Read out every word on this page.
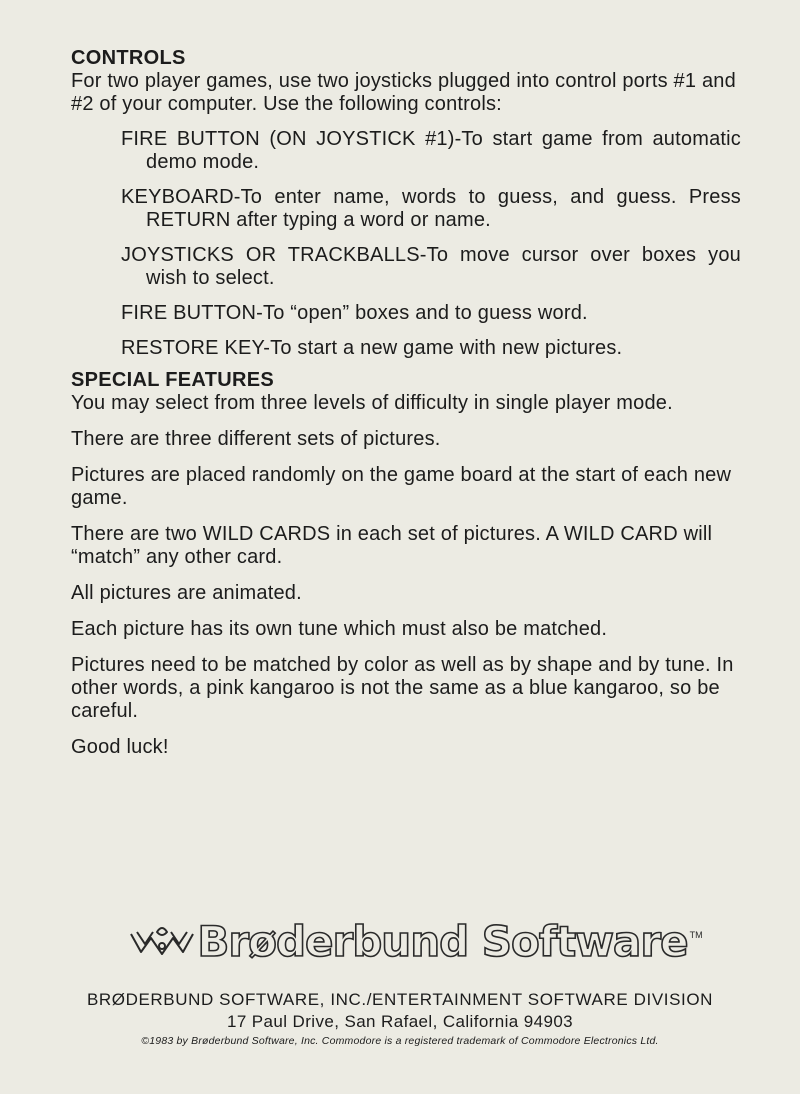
CONTROLS

For two player games, use two joysticks plugged into control ports #1 and #2 of your computer. Use the following controls:

FIRE BUTTON (ON JOYSTICK #1)-To start game from automatic demo mode.

KEYBOARD-To enter name, words to guess, and guess. Press RETURN after typing a word or name.

JOYSTICKS OR TRACKBALLS-To move cursor over boxes you wish to select.

FIRE BUTTON-To “open” boxes and to guess word.

RESTORE KEY-To start a new game with new pictures.

SPECIAL FEATURES

You may select from three levels of difficulty in single player mode.

There are three different sets of pictures.

Pictures are placed randomly on the game board at the start of each new game.

There are two WILD CARDS in each set of pictures. A WILD CARD will “match” any other card.

All pictures are animated.

Each picture has its own tune which must also be matched.

Pictures need to be matched by color as well as by shape and by tune. In other words, a pink kangaroo is not the same as a blue kangaroo, so be careful.

Good luck!

Brøderbund Software TM
BRØDERBUND SOFTWARE, INC./ENTERTAINMENT SOFTWARE DIVISION
17 Paul Drive, San Rafael, California 94903
©1983 by Brøderbund Software, Inc. Commodore is a registered trademark of Commodore Electronics Ltd.
